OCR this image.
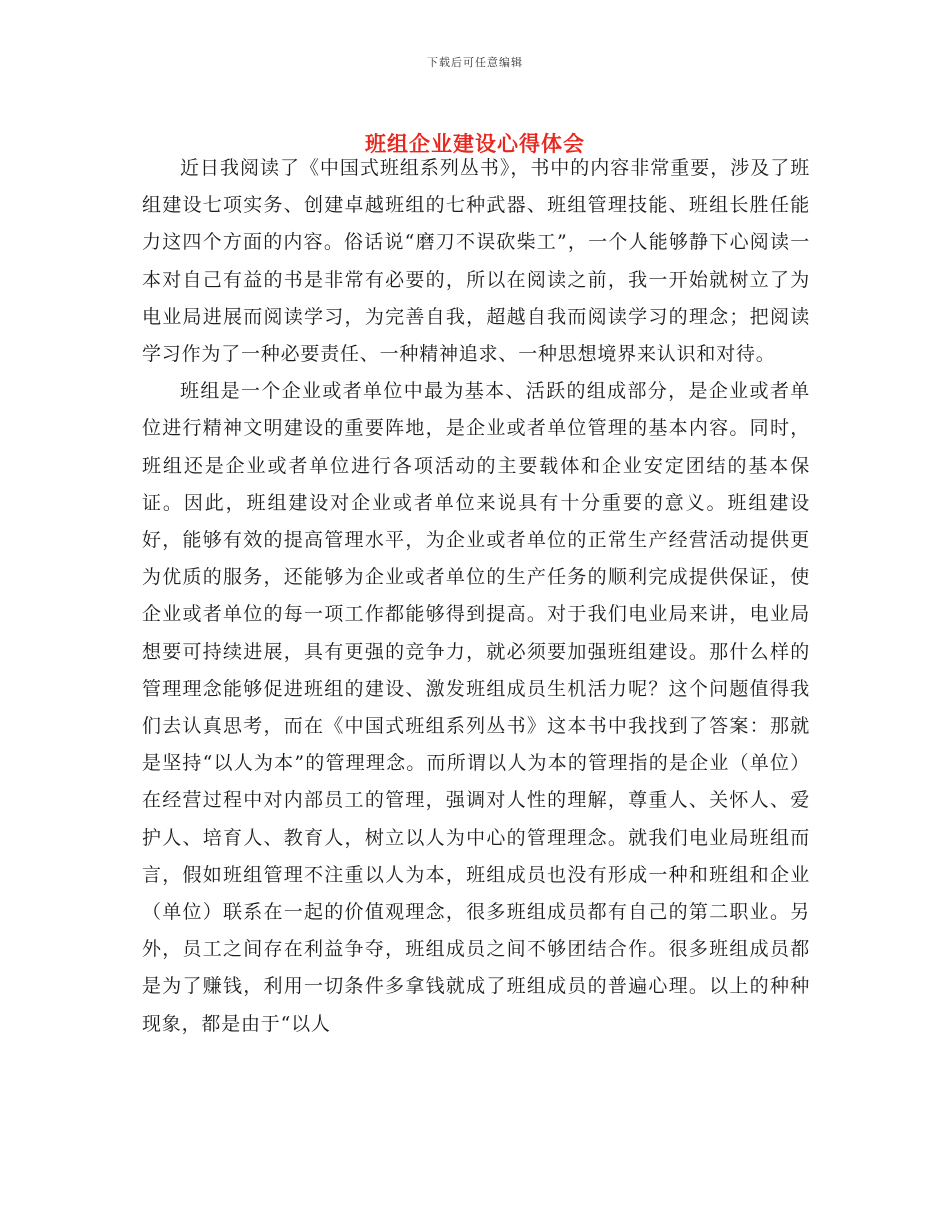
下载后可任意编辑
班组企业建设心得体会

近日我阅读了《中国式班组系列丛书》，书中的内容非常重要，涉及了班组建设七项实务、创建卓越班组的七种武器、班组管理技能、班组长胜任能力这四个方面的内容。俗话说“磨刀不误砍柴工”，一个人能够静下心阅读一本对自己有益的书是非常有必要的，所以在阅读之前，我一开始就树立了为电业局进展而阅读学习，为完善自我，超越自我而阅读学习的理念；把阅读学习作为了一种必要责任、一种精神追求、一种思想境界来认识和对待。

班组是一个企业或者单位中最为基本、活跃的组成部分，是企业或者单位进行精神文明建设的重要阵地，是企业或者单位管理的基本内容。同时，班组还是企业或者单位进行各项活动的主要载体和企业安定团结的基本保证。因此，班组建设对企业或者单位来说具有十分重要的意义。班组建设好，能够有效的提高管理水平，为企业或者单位的正常生产经营活动提供更为优质的服务，还能够为企业或者单位的生产任务的顺利完成提供保证，使企业或者单位的每一项工作都能够得到提高。对于我们电业局来讲，电业局想要可持续进展，具有更强的竞争力，就必须要加强班组建设。那什么样的管理理念能够促进班组的建设、激发班组成员生机活力呢？这个问题值得我们去认真思考，而在《中国式班组系列丛书》这本书中我找到了答案：那就是坚持“以人为本”的管理理念。而所谓以人为本的管理指的是企业（单位）在经营过程中对内部员工的管理，强调对人性的理解，尊重人、关怀人、爱护人、培育人、教育人，树立以人为中心的管理理念。就我们电业局班组而言，假如班组管理不注重以人为本，班组成员也没有形成一种和班组和企业（单位）联系在一起的价值观理念，很多班组成员都有自己的第二职业。另外，员工之间存在利益争夺，班组成员之间不够团结合作。很多班组成员都是为了赚钱，利用一切条件多拿钱就成了班组成员的普遍心理。以上的种种现象，都是由于“以人
